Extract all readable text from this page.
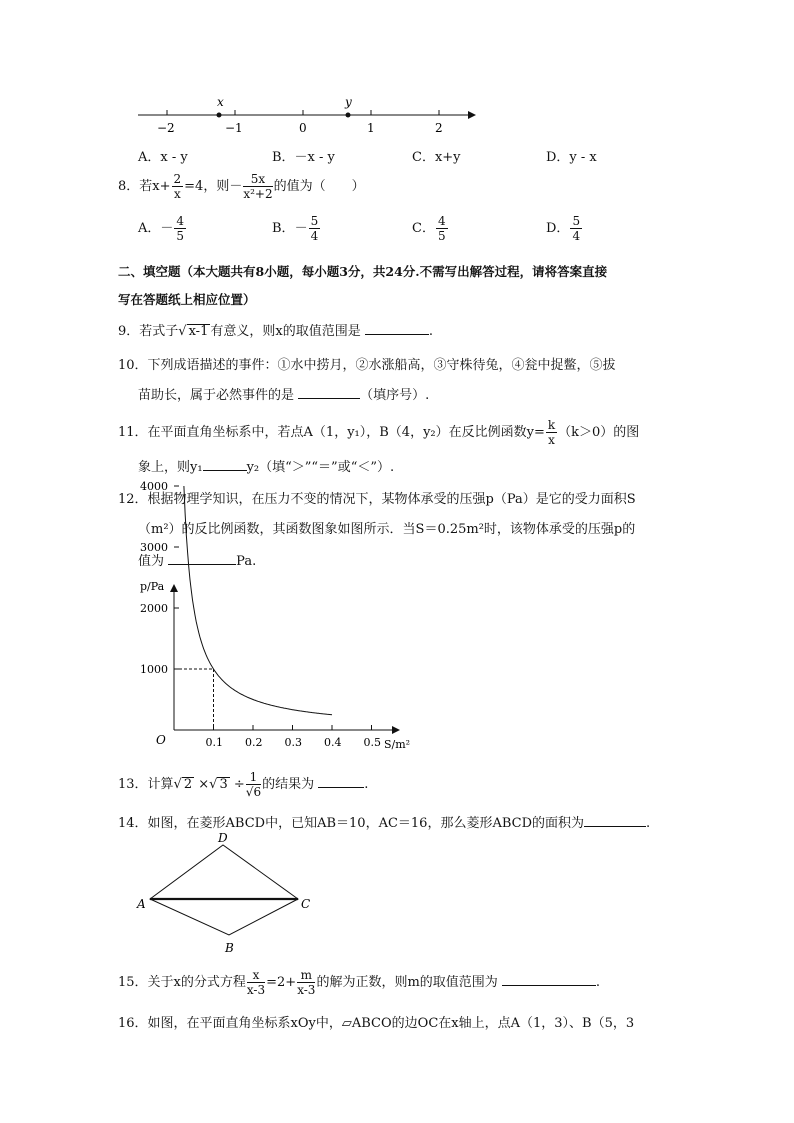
x	y
−2	−1	0	1	2
A．x - y	B．－x - y	C．x+y	D．y - x
8．若$x+ \frac{2}{x} =4$，则－ $\frac{5x}{\text{x²+2}}$ 的值为（　　）
A．－ $\frac{4}{5}$	B．－ $\frac{5}{4}$	C． $\frac{4}{5}$	D． $\frac{5}{4}$
二、填空题（本大题共有8小题，每小题3分，共24分.不需写出解答过程，请将答案直接
写在答题纸上相应位置）
9．若式子√ x-1 有意义，则x的取值范围是	.
10．下列成语描述的事件：①水中捞月，②水涨船高，③守株待兔，④瓮中捉鳖，⑤拔
苗助长，属于必然事件的是	（填序号）.
11．在平面直角坐标系中，若点A（1，y₁），B（4，y₂）在反比例函数$y= \frac{k}{x} (k>0)$的图
象上，则y₁	y₂（填“＞”“＝”或“＜”）.
12．根据物理学知识，在压力不变的情况下，某物体承受的压强p（Pa）是它的受力面积S
（m²）的反比例函数，其函数图象如图所示．当S＝0.25m²时，该物体承受的压强p的
值为	Pa.
0.1 0.2 0.3 0.4 0.5
1000
2000
3000
4000
O	S/m²
p/Pa
13．计算√ 2 ×√ $3 \div \frac{1}{√6}$ 的结果为	.
14．如图，在菱形ABCD中，已知AB＝10，AC＝16，那么菱形ABCD的面积为	.
D
A	C
B
15．关于x的分式方程 $\frac{x}{x-3} =2+ \frac{m}{x-3}$ 的解为正数，则m的取值范围为	.
16．如图，在平面直角坐标系xOy中，▱ABCO的边OC在x轴上，点A（1，3）、B（5，3
